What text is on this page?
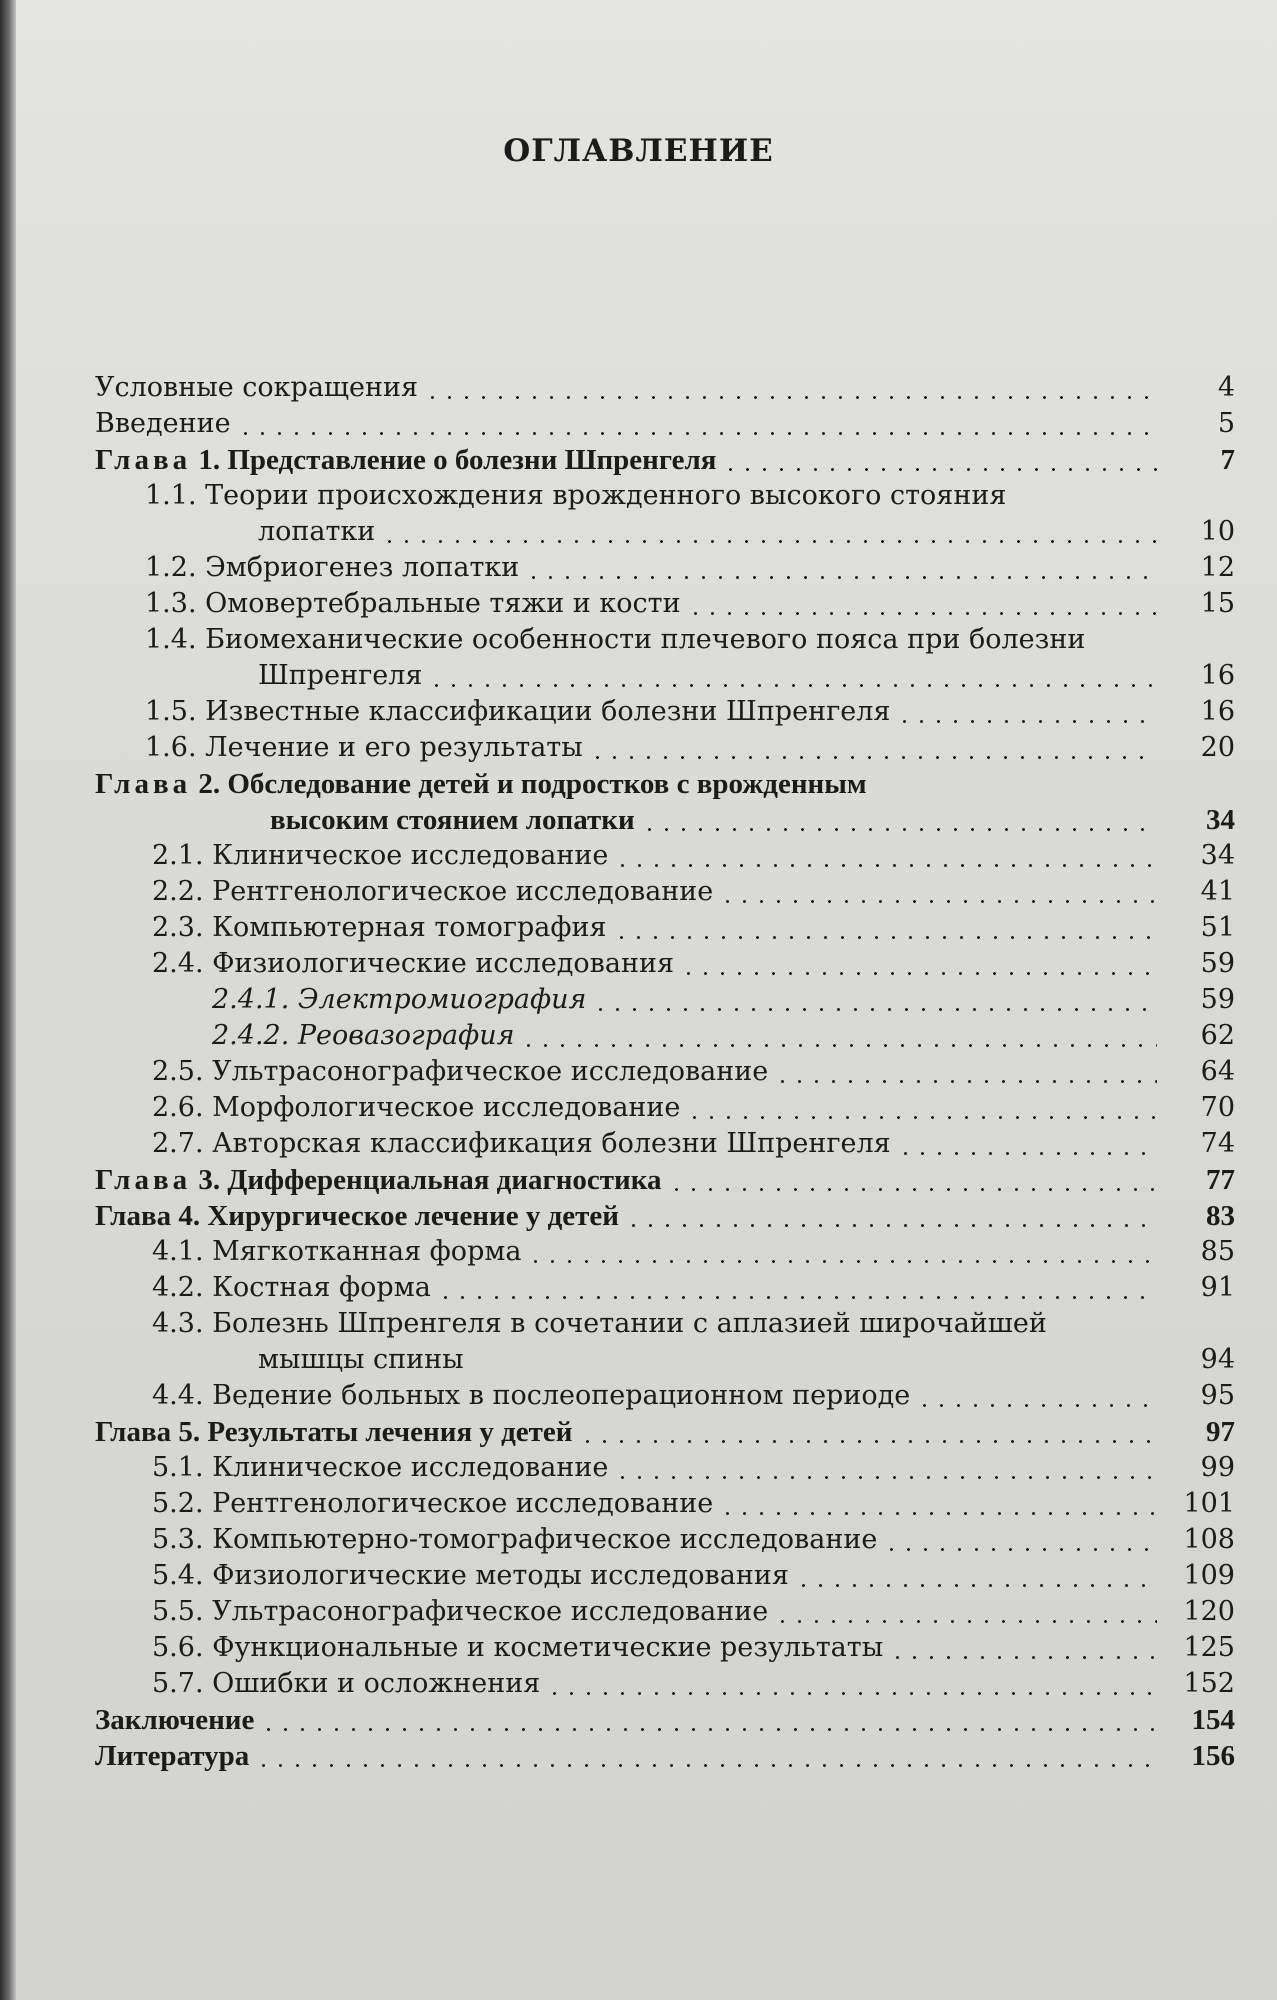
ОГЛАВЛЕНИЕ
Условные сокращения	4
Введение	5
Глава 1. Представление о болезни Шпренгеля	7
1.1. Теории происхождения врожденного высокого стояния
лопатки	10
1.2. Эмбриогенез лопатки	12
1.3. Омовертебральные тяжи и кости	15
1.4. Биомеханические особенности плечевого пояса при болезни
Шпренгеля	16
1.5. Известные классификации болезни Шпренгеля	16
1.6. Лечение и его результаты	20
Глава 2. Обследование детей и подростков с врожденным
высоким стоянием лопатки	34
2.1. Клиническое исследование	34
2.2. Рентгенологическое исследование	41
2.3. Компьютерная томография	51
2.4. Физиологические исследования	59
2.4.1. Электромиография	59
2.4.2. Реовазография	62
2.5. Ультрасонографическое исследование	64
2.6. Морфологическое исследование	70
2.7. Авторская классификация болезни Шпренгеля	74
Глава 3. Дифференциальная диагностика	77
Глава 4. Хирургическое лечение у детей	83
4.1. Мягкотканная форма	85
4.2. Костная форма	91
4.3. Болезнь Шпренгеля в сочетании с аплазией широчайшей
мышцы спины	94
4.4. Ведение больных в послеоперационном периоде	95
Глава 5. Результаты лечения у детей	97
5.1. Клиническое исследование	99
5.2. Рентгенологическое исследование	101
5.3. Компьютерно-томографическое исследование	108
5.4. Физиологические методы исследования	109
5.5. Ультрасонографическое исследование	120
5.6. Функциональные и косметические результаты	125
5.7. Ошибки и осложнения	152
Заключение	154
Литература	156
